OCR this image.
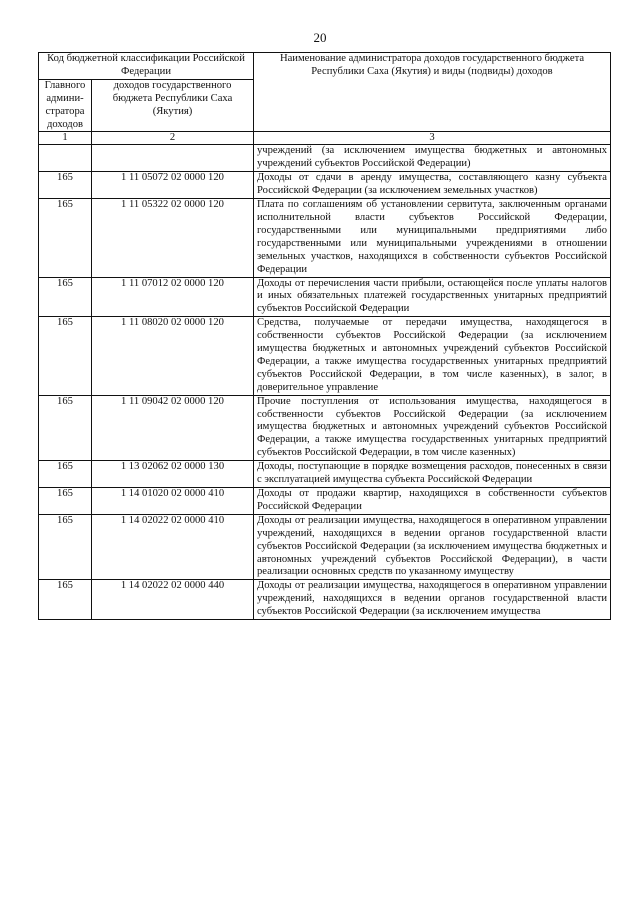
20
Код бюджетной классификации Российской Федерации		Наименование администратора доходов государственного бюджета Республики Саха (Якутия) и виды (подвиды) доходов
Главного админи-стратора доходов	доходов государственного бюджета Республики Саха (Якутия)	
1	2	3
		учреждений (за исключением имущества бюджетных и автономных учреждений субъектов Российской Федерации)
165	1 11 05072 02 0000 120	Доходы от сдачи в аренду имущества, составляющего казну субъекта Российской Федерации (за исключением земельных участков)
165	1 11 05322 02 0000 120	Плата по соглашениям об установлении сервитута, заключенным органами исполнительной власти субъектов Российской Федерации, государственными или муниципальными предприятиями либо государственными или муниципальными учреждениями в отношении земельных участков, находящихся в собственности субъектов Российской Федерации
165	1 11 07012 02 0000 120	Доходы от перечисления части прибыли, остающейся после уплаты налогов и иных обязательных платежей государственных унитарных предприятий субъектов Российской Федерации
165	1 11 08020 02 0000 120	Средства, получаемые от передачи имущества, находящегося в собственности субъектов Российской Федерации (за исключением имущества бюджетных и автономных учреждений субъектов Российской Федерации, а также имущества государственных унитарных предприятий субъектов Российской Федерации, в том числе казенных), в залог, в доверительное управление
165	1 11 09042 02 0000 120	Прочие поступления от использования имущества, находящегося в собственности субъектов Российской Федерации (за исключением имущества бюджетных и автономных учреждений субъектов Российской Федерации, а также имущества государственных унитарных предприятий субъектов Российской Федерации, в том числе казенных)
165	1 13 02062 02 0000 130	Доходы, поступающие в порядке возмещения расходов, понесенных в связи с эксплуатацией имущества субъекта Российской Федерации
165	1 14 01020 02 0000 410	Доходы от продажи квартир, находящихся в собственности субъектов Российской Федерации
165	1 14 02022 02 0000 410	Доходы от реализации имущества, находящегося в оперативном управлении учреждений, находящихся в ведении органов государственной власти субъектов Российской Федерации (за исключением имущества бюджетных и автономных учреждений субъектов Российской Федерации), в части реализации основных средств по указанному имуществу
165	1 14 02022 02 0000 440	Доходы от реализации имущества, находящегося в оперативном управлении учреждений, находящихся в ведении органов государственной власти субъектов Российской Федерации (за исключением имущества
